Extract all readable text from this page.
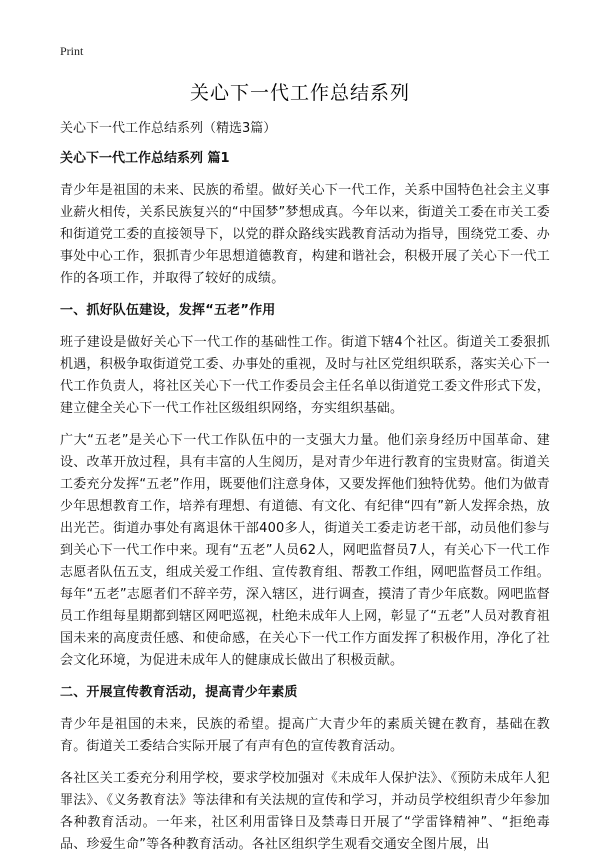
Print
关心下一代工作总结系列

关心下一代工作总结系列（精选3篇）

关心下一代工作总结系列 篇1

青少年是祖国的未来、民族的希望。做好关心下一代工作，关系中国特色社会主义事业薪火相传，关系民族复兴的“中国梦”梦想成真。今年以来，街道关工委在市关工委和街道党工委的直接领导下，以党的群众路线实践教育活动为指导，围绕党工委、办事处中心工作，狠抓青少年思想道德教育，构建和谐社会，积极开展了关心下一代工作的各项工作，并取得了较好的成绩。

一、抓好队伍建设，发挥“五老”作用

班子建设是做好关心下一代工作的基础性工作。街道下辖4个社区。街道关工委狠抓机遇，积极争取街道党工委、办事处的重视，及时与社区党组织联系，落实关心下一代工作负责人，将社区关心下一代工作委员会主任名单以街道党工委文件形式下发，建立健全关心下一代工作社区级组织网络，夯实组织基础。

广大“五老”是关心下一代工作队伍中的一支强大力量。他们亲身经历中国革命、建设、改革开放过程，具有丰富的人生阅历，是对青少年进行教育的宝贵财富。街道关工委充分发挥“五老”作用，既要他们注意身体，又要发挥他们独特优势。他们为做青少年思想教育工作，培养有理想、有道德、有文化、有纪律“四有”新人发挥余热，放出光芒。街道办事处有离退休干部400多人，街道关工委走访老干部，动员他们参与到关心下一代工作中来。现有“五老”人员62人，网吧监督员7人，有关心下一代工作志愿者队伍五支，组成关爱工作组、宣传教育组、帮教工作组，网吧监督员工作组。每年“五老”志愿者们不辞辛劳，深入辖区，进行调查，摸清了青少年底数。网吧监督员工作组每星期都到辖区网吧巡视，杜绝未成年人上网，彰显了“五老”人员对教育祖国未来的高度责任感、和使命感，在关心下一代工作方面发挥了积极作用，净化了社会文化环境，为促进未成年人的健康成长做出了积极贡献。

二、开展宣传教育活动，提高青少年素质

青少年是祖国的未来，民族的希望。提高广大青少年的素质关键在教育，基础在教育。街道关工委结合实际开展了有声有色的宣传教育活动。

各社区关工委充分利用学校，要求学校加强对《未成年人保护法》、《预防未成年人犯罪法》、《义务教育法》等法律和有关法规的宣传和学习，并动员学校组织青少年参加各种教育活动。一年来，社区利用雷锋日及禁毒日开展了“学雷锋精神”、“拒绝毒品、珍爱生命”等各种教育活动。各社区组织学生观看交通安全图片展，出
